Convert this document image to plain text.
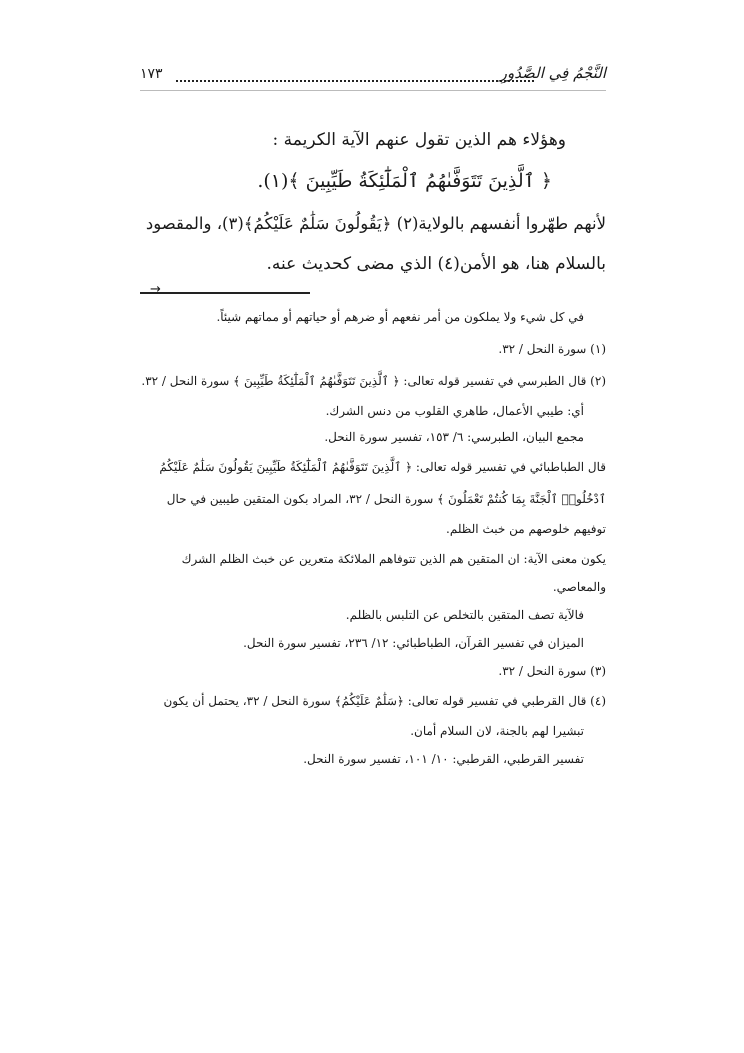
١٧٣	النَّجْمُ فِي الصَّدُورِ
وهؤلاء هم الذين تقول عنهم الآية الكريمة :
﴿ ٱلَّذِينَ تَتَوَفَّىٰهُمُ ٱلْمَلَٰٓئِكَةُ طَيِّبِينَ ﴾(١).
لأنهم طهّروا أنفسهم بالولاية(٢) ﴿يَقُولُونَ سَلَٰمٌ عَلَيْكُمُ﴾(٣)، والمقصود
بالسلام هنا، هو الأمن(٤) الذي مضى كحديث عنه.
→
في كل شيء ولا يملكون من أمر نفعهم أو ضرهم أو حياتهم أو مماتهم شيئاً.
(١) سورة النحل / ٣٢.
(٢) قال الطبرسي في تفسير قوله تعالى: ﴿ ٱلَّذِينَ تَتَوَفَّىٰهُمُ ٱلْمَلَٰٓئِكَةُ طَيِّبِينَ ﴾ سورة النحل / ٣٢.
أي: طيبي الأعمال، طاهري القلوب من دنس الشرك.
مجمع البيان، الطبرسي: ٦/ ١٥٣، تفسير سورة النحل.
قال الطباطبائي في تفسير قوله تعالى: ﴿ ٱلَّذِينَ تَتَوَفَّىٰهُمُ ٱلْمَلَٰٓئِكَةُ طَيِّبِينَ يَقُولُونَ سَلَٰمٌ عَلَيْكُمُ
ٱدْخُلُوا۟ ٱلْجَنَّةَ بِمَا كُنتُمْ تَعْمَلُونَ ﴾ سورة النحل / ٣٢، المراد بكون المتقين طيبين في حال
توفيهم خلوصهم من خبث الظلم.
يكون معنى الآية: ان المتقين هم الذين تتوفاهم الملائكة متعرين عن خبث الظلم الشرك
والمعاصي.
فالآية تصف المتقين بالتخلص عن التلبس بالظلم.
الميزان في تفسير القرآن، الطباطبائي: ١٢/ ٢٣٦، تفسير سورة النحل.
(٣) سورة النحل / ٣٢.
(٤) قال القرطبي في تفسير قوله تعالى: ﴿سَلَٰمٌ عَلَيْكُمُ﴾ سورة النحل / ٣٢، يحتمل أن يكون
تبشيرا لهم بالجنة، لان السلام أمان.
تفسير القرطبي، القرطبي: ١٠/ ١٠١، تفسير سورة النحل.
